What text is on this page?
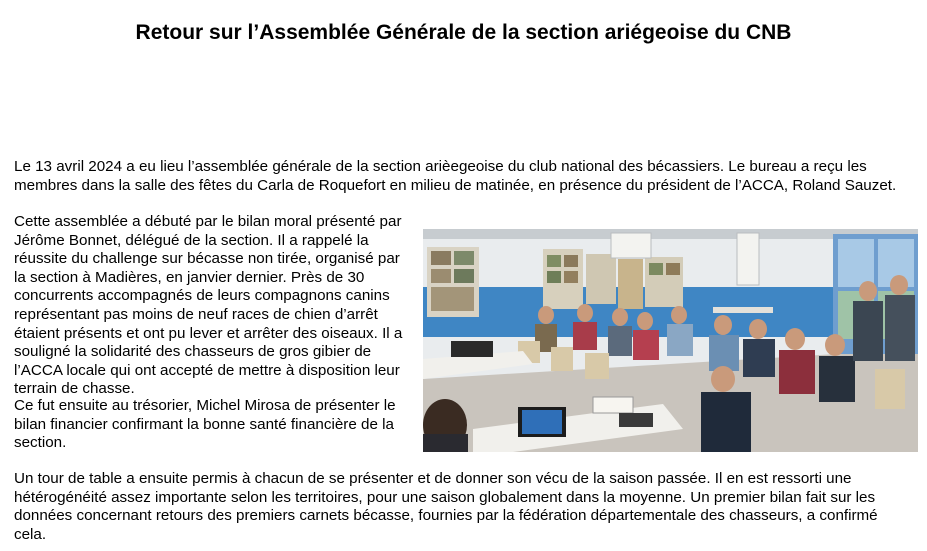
Retour sur l’Assemblée Générale de la section ariégeoise du CNB

Le 13 avril 2024 a eu lieu l’assemblée générale de la section arièegeoise du club national des bécassiers. Le bureau a reçu les membres dans la salle des fêtes du Carla de Roquefort en milieu de matinée, en présence du président de l’ACCA, Roland Sauzet.

Cette assemblée a débuté par le bilan moral présenté par Jérôme Bonnet, délégué de la section. Il a rappelé la réussite du challenge sur bécasse non tirée, organisé par la section à Madières, en janvier dernier. Près de 30 concurrents accompagnés de leurs compagnons canins représentant pas moins de neuf races de chien d’arrêt étaient présents et ont pu lever et arrêter des oiseaux. Il a souligné la solidarité des chasseurs de gros gibier de l’ACCA locale qui ont accepté de mettre à disposition leur terrain de chasse.

Ce fut ensuite au trésorier, Michel Mirosa de présenter le bilan financier confirmant la bonne santé financière de la section.

Un tour de table a ensuite permis à chacun de se présenter et de donner son vécu de la saison passée. Il en est ressorti une hétérogénéité assez importante selon les territoires, pour une saison globalement dans la moyenne. Un premier bilan fait sur les données concernant retours des premiers carnets bécasse, fournies par la fédération départementale des chasseurs, a confirmé cela.
